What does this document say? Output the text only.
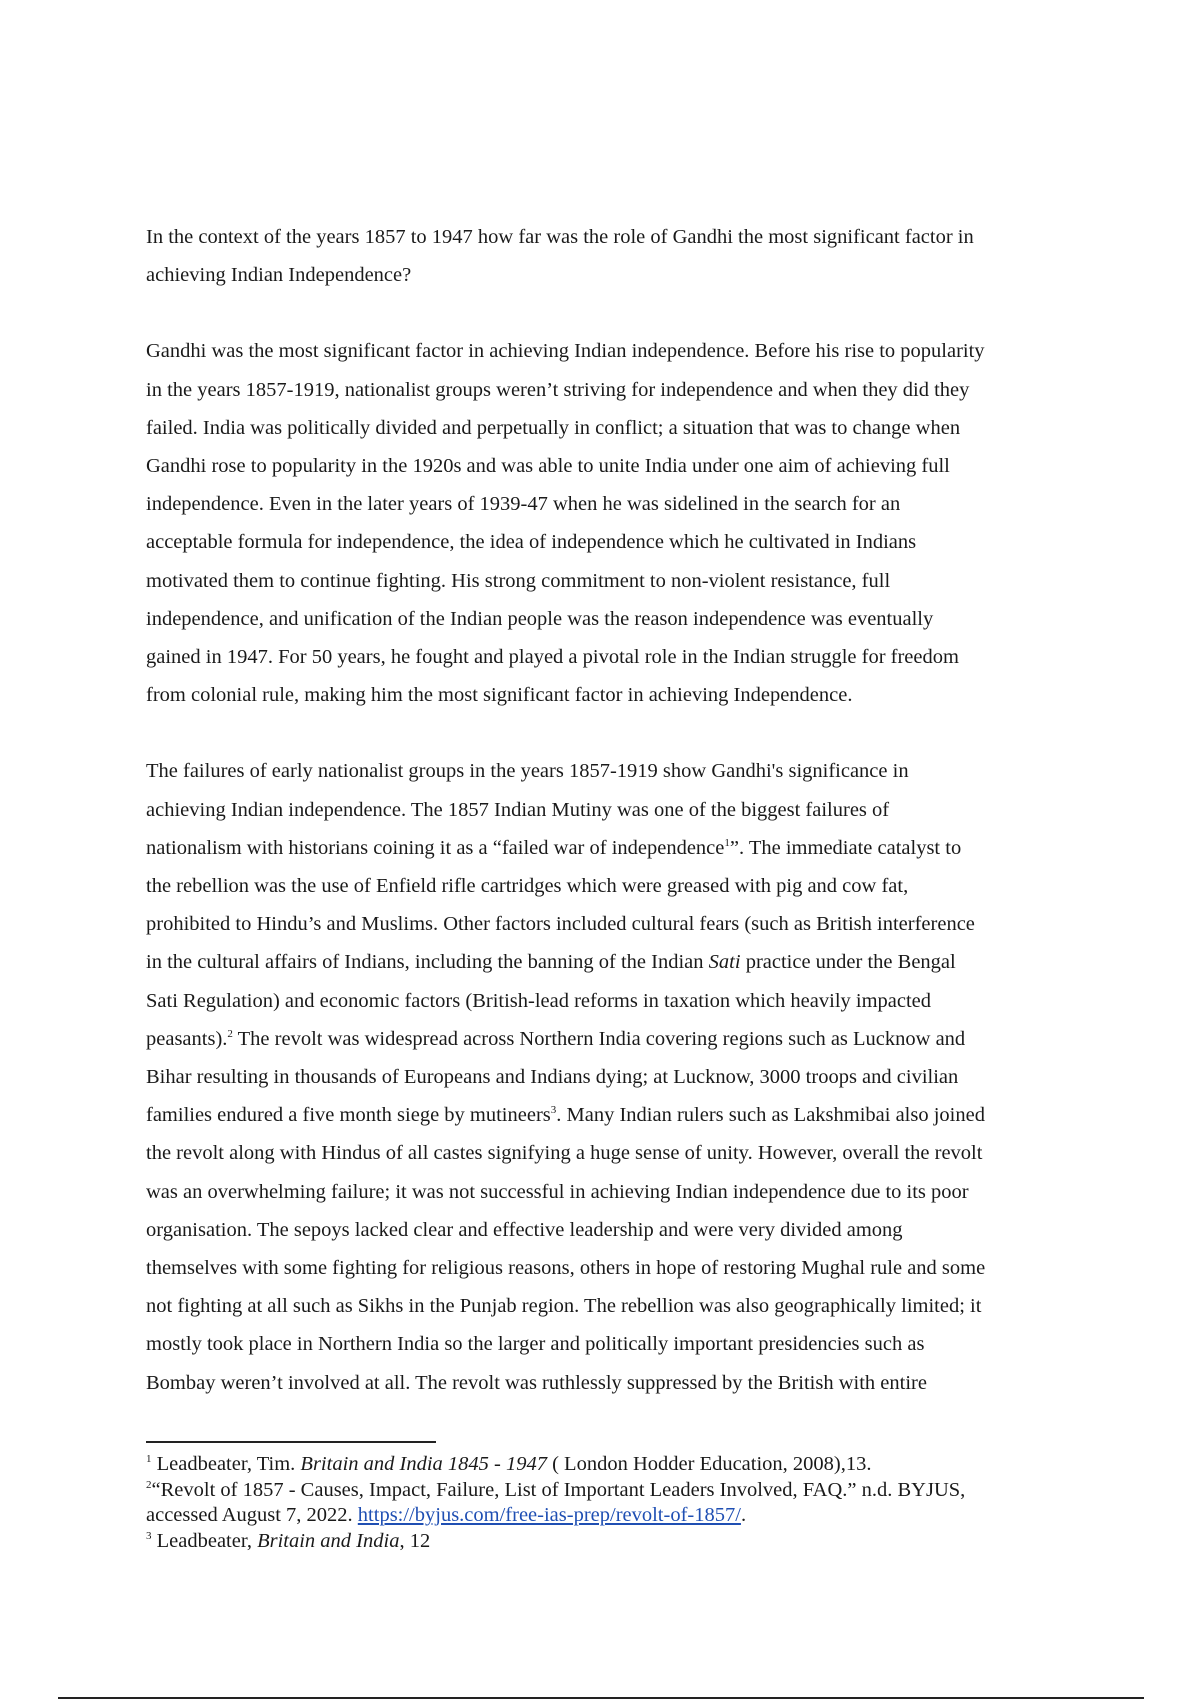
In the context of the years 1857 to 1947 how far was the role of Gandhi the most significant factor in
achieving Indian Independence?

Gandhi was the most significant factor in achieving Indian independence. Before his rise to popularity
in the years 1857-1919, nationalist groups weren’t striving for independence and when they did they
failed. India was politically divided and perpetually in conflict; a situation that was to change when
Gandhi rose to popularity in the 1920s and was able to unite India under one aim of achieving full
independence. Even in the later years of 1939-47 when he was sidelined in the search for an
acceptable formula for independence, the idea of independence which he cultivated in Indians
motivated them to continue fighting. His strong commitment to non-violent resistance, full
independence, and unification of the Indian people was the reason independence was eventually
gained in 1947. For 50 years, he fought and played a pivotal role in the Indian struggle for freedom
from colonial rule, making him the most significant factor in achieving Independence.

The failures of early nationalist groups in the years 1857-1919 show Gandhi's significance in
achieving Indian independence. The 1857 Indian Mutiny was one of the biggest failures of
nationalism with historians coining it as a “failed war of independence$^1$”. The immediate catalyst to
the rebellion was the use of Enfield rifle cartridges which were greased with pig and cow fat,
prohibited to Hindu’s and Muslims. Other factors included cultural fears (such as British interference
in the cultural affairs of Indians, including the banning of the Indian Sati practice under the Bengal
Sati Regulation) and economic factors (British-lead reforms in taxation which heavily impacted
peasants).$^2$ The revolt was widespread across Northern India covering regions such as Lucknow and
Bihar resulting in thousands of Europeans and Indians dying; at Lucknow, 3000 troops and civilian
families endured a five month siege by mutineers$^3$. Many Indian rulers such as Lakshmibai also joined
the revolt along with Hindus of all castes signifying a huge sense of unity. However, overall the revolt
was an overwhelming failure; it was not successful in achieving Indian independence due to its poor
organisation. The sepoys lacked clear and effective leadership and were very divided among
themselves with some fighting for religious reasons, others in hope of restoring Mughal rule and some
not fighting at all such as Sikhs in the Punjab region. The rebellion was also geographically limited; it
mostly took place in Northern India so the larger and politically important presidencies such as
Bombay weren’t involved at all. The revolt was ruthlessly suppressed by the British with entire

$^1$ Leadbeater, Tim. Britain and India 1845 - 1947 ( London Hodder Education, 2008),13.
$^2$“Revolt of 1857 - Causes, Impact, Failure, List of Important Leaders Involved, FAQ.” n.d. BYJUS,
accessed August 7, 2022. https://byjus.com/free-ias-prep/revolt-of-1857/.
$^3$ Leadbeater, Britain and India, 12
